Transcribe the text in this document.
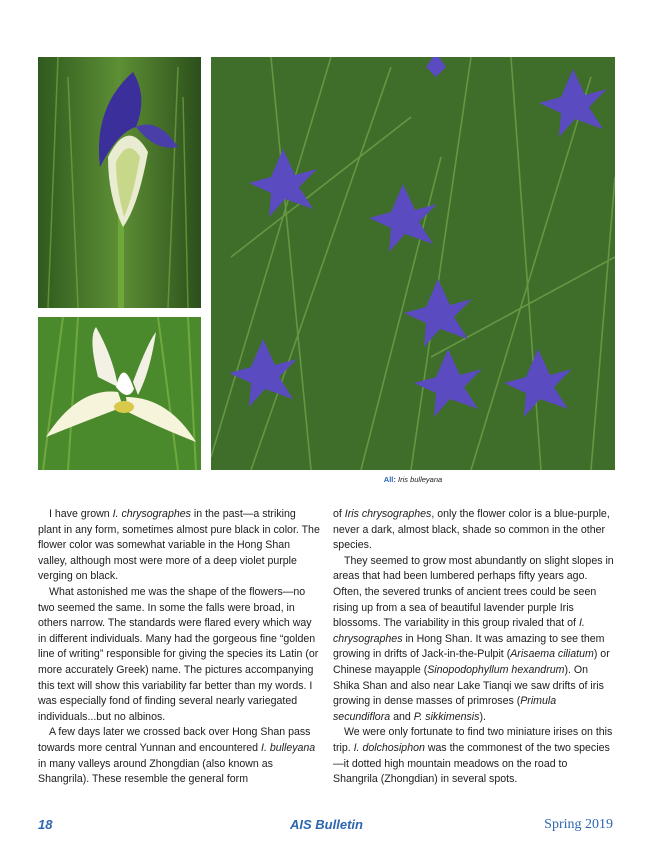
All: Iris bulleyana

I have grown I. chrysographes in the past—a striking plant in any form, sometimes almost pure black in color. The flower color was somewhat variable in the Hong Shan valley, although most were more of a deep violet purple verging on black.

What astonished me was the shape of the flowers—no two seemed the same. In some the falls were broad, in others narrow. The standards were flared every which way in different individuals. Many had the gorgeous fine “golden line of writing” responsible for giving the species its Latin (or more accurately Greek) name. The pictures accompanying this text will show this variability far better than my words. I was especially fond of finding several nearly variegated individuals...but no albinos.

A few days later we crossed back over Hong Shan pass towards more central Yunnan and encountered I. bulleyana in many valleys around Zhongdian (also known as Shangrila). These resemble the general form

of Iris chrysographes, only the flower color is a blue-purple, never a dark, almost black, shade so common in the other species.

They seemed to grow most abundantly on slight slopes in areas that had been lumbered perhaps fifty years ago. Often, the severed trunks of ancient trees could be seen rising up from a sea of beautiful lavender purple Iris blossoms. The variability in this group rivaled that of I. chrysographes in Hong Shan. It was amazing to see them growing in drifts of Jack-in-the-Pulpit (Arisaema ciliatum) or Chinese mayapple (Sinopodophyllum hexandrum). On Shika Shan and also near Lake Tianqi we saw drifts of iris growing in dense masses of primroses (Primula secundiflora and P. sikkimensis).

We were only fortunate to find two miniature irises on this trip. I. dolchosiphon was the commonest of the two species—it dotted high mountain meadows on the road to Shangrila (Zhongdian) in several spots.

18	AIS Bulletin	Spring 2019
